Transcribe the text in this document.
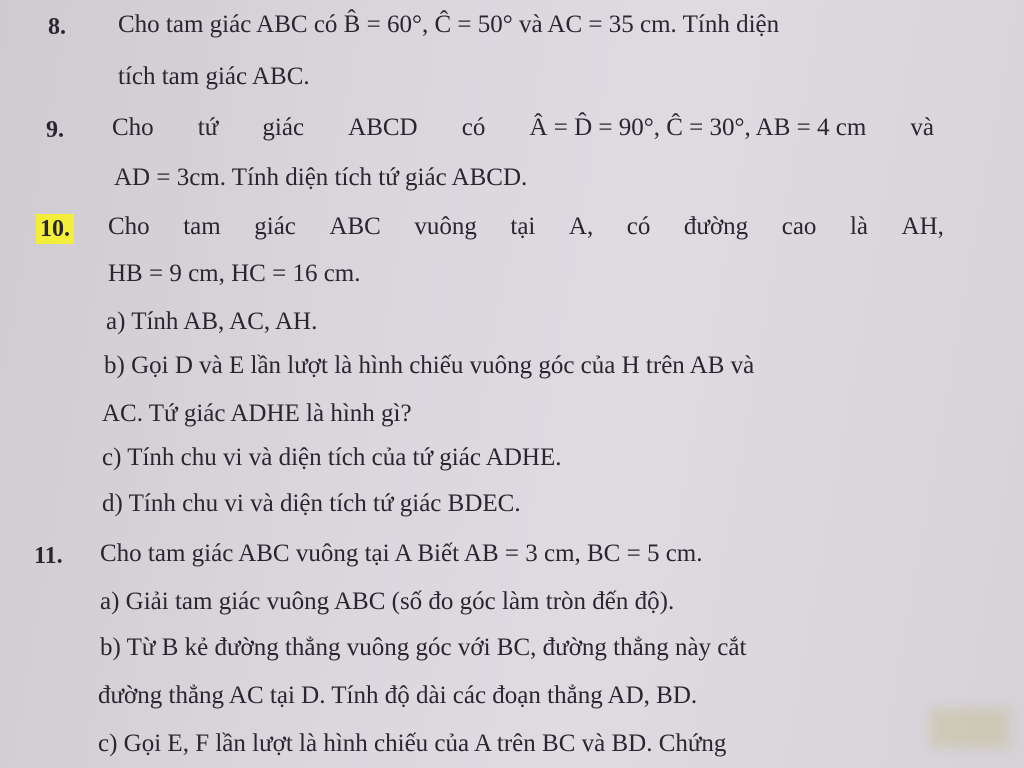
8. Cho tam giác ABC có B̂ = 60°, Ĉ = 50° và AC = 35 cm. Tính diện
tích tam giác ABC.
9. Cho tứ giác ABCD có Â = D̂ = 90°, Ĉ = 30°, AB = 4 cm và
AD = 3cm. Tính diện tích tứ giác ABCD.
10. Cho tam giác ABC vuông tại A, có đường cao là AH,
HB = 9 cm, HC = 16 cm.
a) Tính AB, AC, AH.
b) Gọi D và E lần lượt là hình chiếu vuông góc của H trên AB và
AC. Tứ giác ADHE là hình gì?
c) Tính chu vi và diện tích của tứ giác ADHE.
d) Tính chu vi và diện tích tứ giác BDEC.
11. Cho tam giác ABC vuông tại A Biết AB = 3 cm, BC = 5 cm.
a) Giải tam giác vuông ABC (số đo góc làm tròn đến độ).
b) Từ B kẻ đường thẳng vuông góc với BC, đường thẳng này cắt
đường thẳng AC tại D. Tính độ dài các đoạn thẳng AD, BD.
c) Gọi E, F lần lượt là hình chiếu của A trên BC và BD. Chứng
